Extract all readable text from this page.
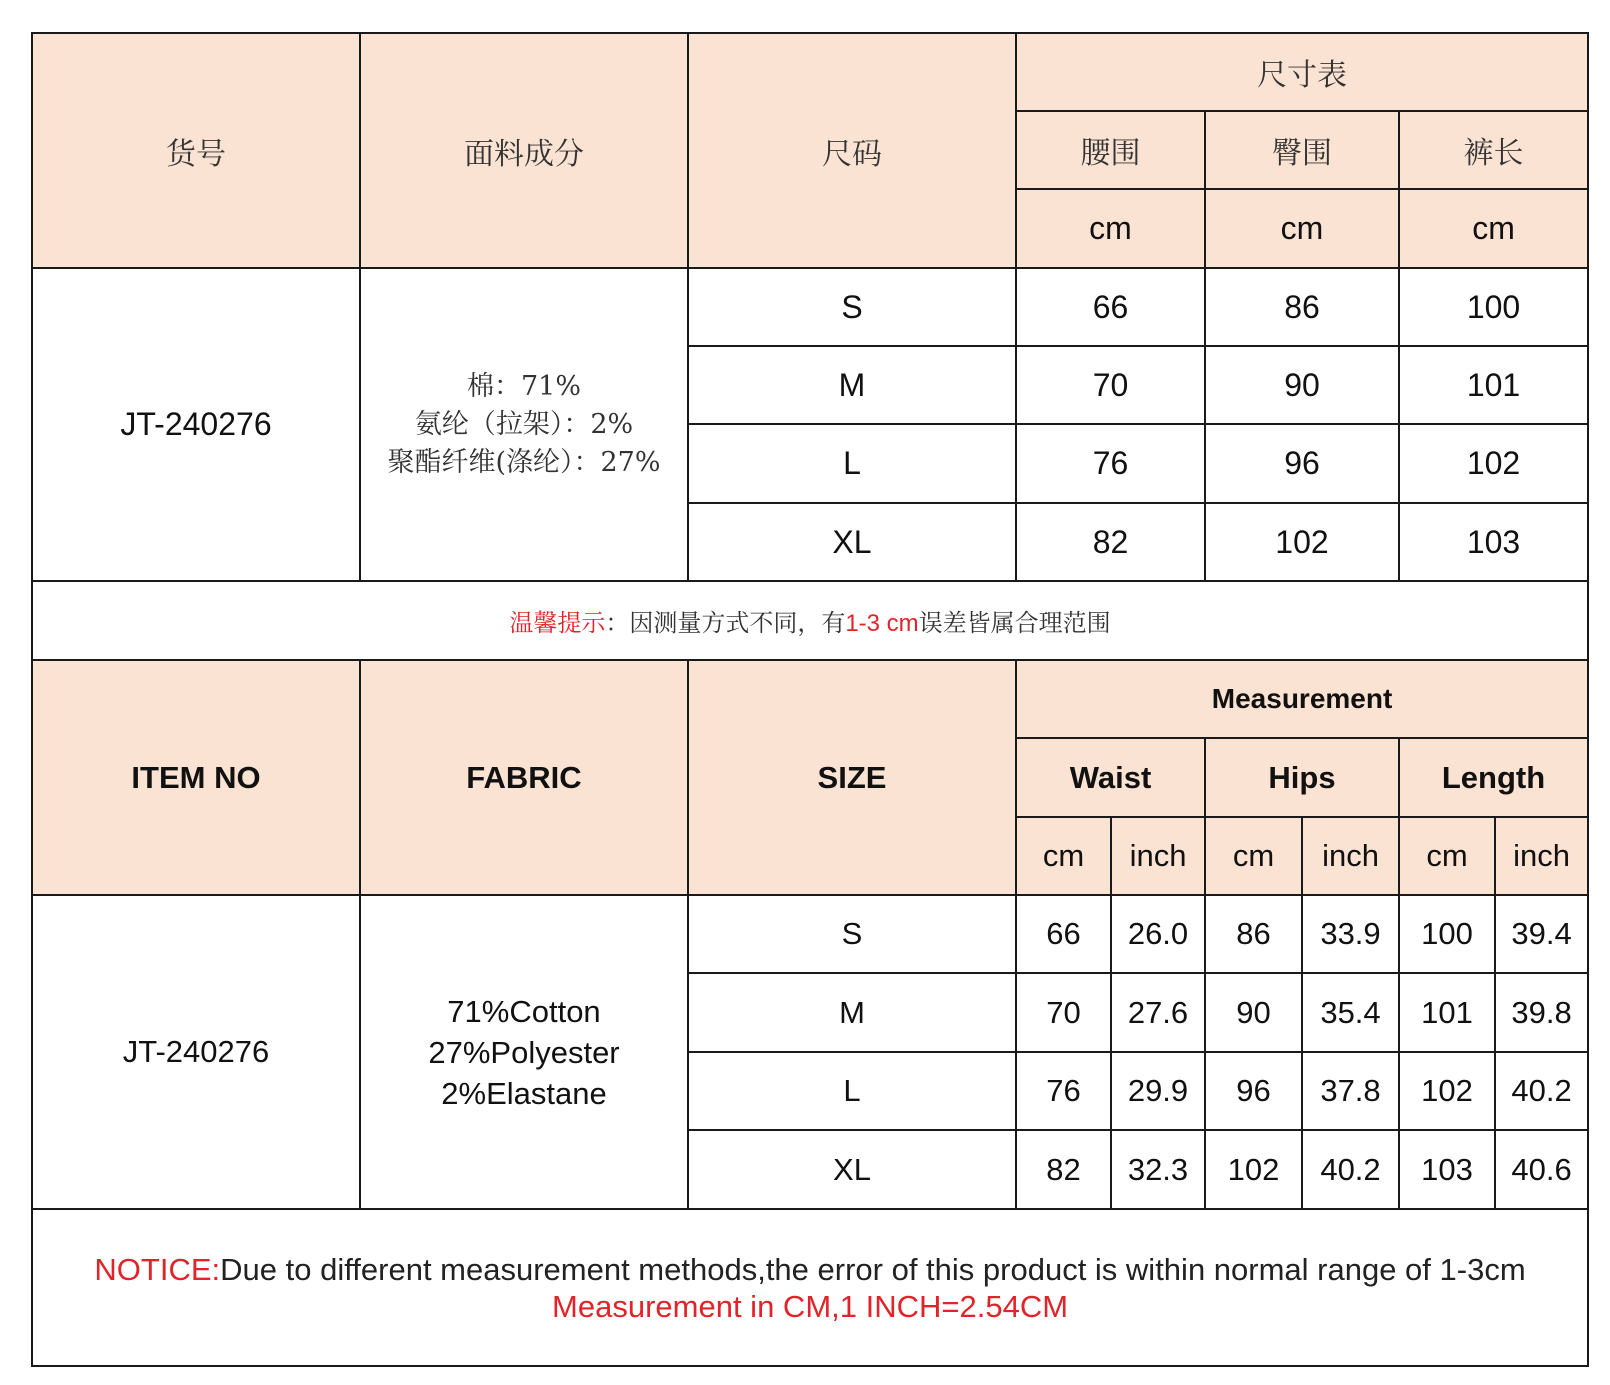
货号	面料成分	尺码	尺寸表		
			腰围	臀围	裤长
			cm	cm	cm
JT-240276	棉：71%
氨纶（拉架）：2%
聚酯纤维(涤纶）：27%	S	66	86	100
		M	70	90	101
		L	76	96	102
		XL	82	102	103
温馨提示：因测量方式不同，有1-3 cm误差皆属合理范围					
ITEM NO	FABRIC	SIZE	Measurement					
			Waist		Hips		Length	
			cm	inch	cm	inch	cm	inch
JT-240276	71%Cotton
27%Polyester
2%Elastane	S	66	26.0	86	33.9	100	39.4
		M	70	27.6	90	35.4	101	39.8
		L	76	29.9	96	37.8	102	40.2
		XL	82	32.3	102	40.2	103	40.6

NOTICE:Due to different measurement methods,the error of this product is within normal range of 1-3cm
Measurement in CM,1 INCH=2.54CM								
